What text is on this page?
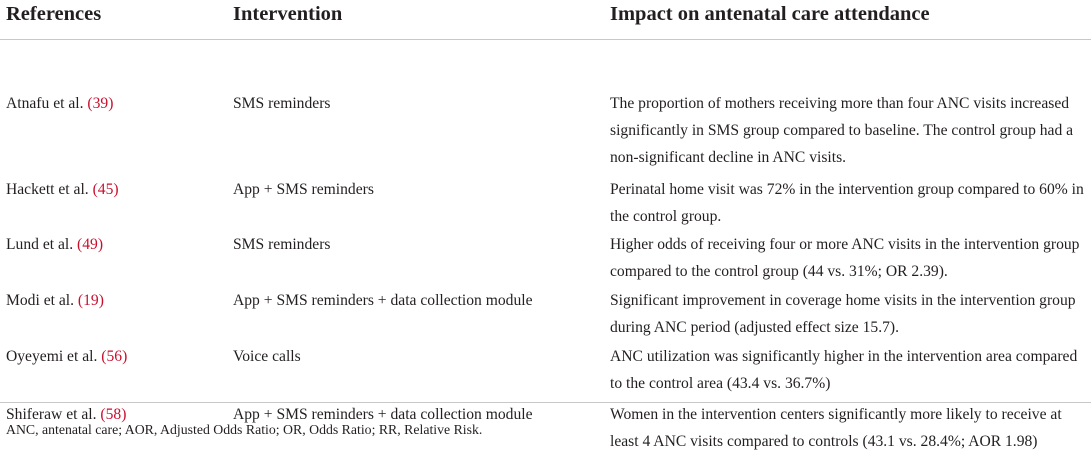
References	Intervention	Impact on antenatal care attendance
Atnafu et al. (39)	SMS reminders	The proportion of mothers receiving more than four ANC visits increased significantly in SMS group compared to baseline. The control group had a non-significant decline in ANC visits.
Hackett et al. (45)	App + SMS reminders	Perinatal home visit was 72% in the intervention group compared to 60% in the control group.
Lund et al. (49)	SMS reminders	Higher odds of receiving four or more ANC visits in the intervention group compared to the control group (44 vs. 31%; OR 2.39).
Modi et al. (19)	App + SMS reminders + data collection module	Significant improvement in coverage home visits in the intervention group during ANC period (adjusted effect size 15.7).
Oyeyemi et al. (56)	Voice calls	ANC utilization was significantly higher in the intervention area compared to the control area (43.4 vs. 36.7%)
Shiferaw et al. (58)	App + SMS reminders + data collection module	Women in the intervention centers significantly more likely to receive at least 4 ANC visits compared to controls (43.1 vs. 28.4%; AOR 1.98)
ANC, antenatal care; AOR, Adjusted Odds Ratio; OR, Odds Ratio; RR, Relative Risk.
